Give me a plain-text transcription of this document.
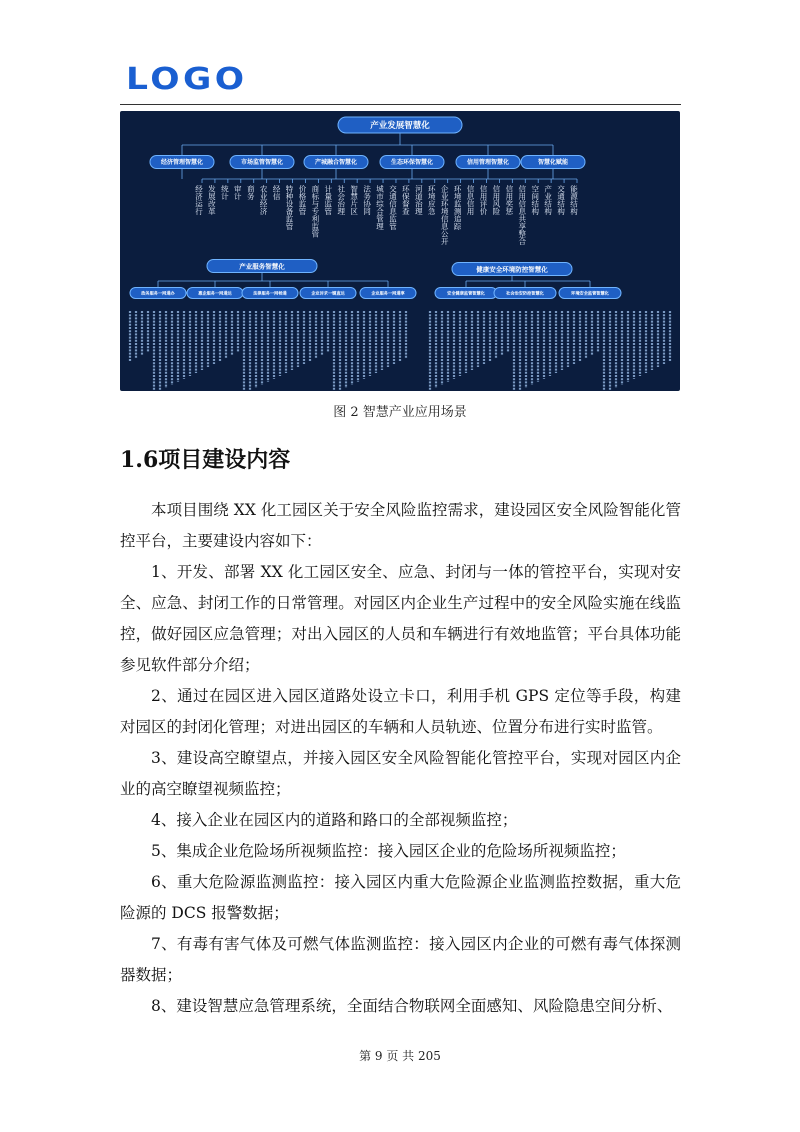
LOGO
产业发展智慧化
经济管理智慧化	市场监管智慧化	产城融合智慧化	生态环保智慧化	信用管理智慧化	智慧化赋能
经济运行 发展改革 统计 审计 商务 农业经济 经信 特种设备监管 价格监管 商标与专利监管 计量监管 社会治理 智慧片区 法务协同 城市综合管理 交通信息监管 环保督查 河道治理 环境应急 企业环境信息公开 环境监测追踪 信息信用 信用评价 信用风险 信用奖惩 信用信息共享整合 空间结构 产业结构 交通结构 能源结构
产业服务智慧化	健康安全环境防控智慧化
政务服务一网通办	惠企服务一网通达	法律服务一网畅通	企业诉求一键直达	企业服务一网通享	安全健康监管智慧化	社会治安防控智慧化	环境安全监管智慧化
图 2 智慧产业应用场景
1.6项目建设内容

本项目围绕 XX 化工园区关于安全风险监控需求，建设园区安全风险智能化管控平台，主要建设内容如下：

1、开发、部署 XX 化工园区安全、应急、封闭与一体的管控平台，实现对安全、应急、封闭工作的日常管理。对园区内企业生产过程中的安全风险实施在线监控，做好园区应急管理；对出入园区的人员和车辆进行有效地监管；平台具体功能参见软件部分介绍；

2、通过在园区进入园区道路处设立卡口，利用手机 GPS 定位等手段，构建对园区的封闭化管理；对进出园区的车辆和人员轨迹、位置分布进行实时监管。

3、建设高空瞭望点，并接入园区安全风险智能化管控平台，实现对园区内企业的高空瞭望视频监控；

4、接入企业在园区内的道路和路口的全部视频监控；

5、集成企业危险场所视频监控：接入园区企业的危险场所视频监控；

6、重大危险源监测监控：接入园区内重大危险源企业监测监控数据，重大危险源的 DCS 报警数据；

7、有毒有害气体及可燃气体监测监控：接入园区内企业的可燃有毒气体探测器数据；

8、建设智慧应急管理系统，全面结合物联网全面感知、风险隐患空间分析、

第 9 页 共 205
